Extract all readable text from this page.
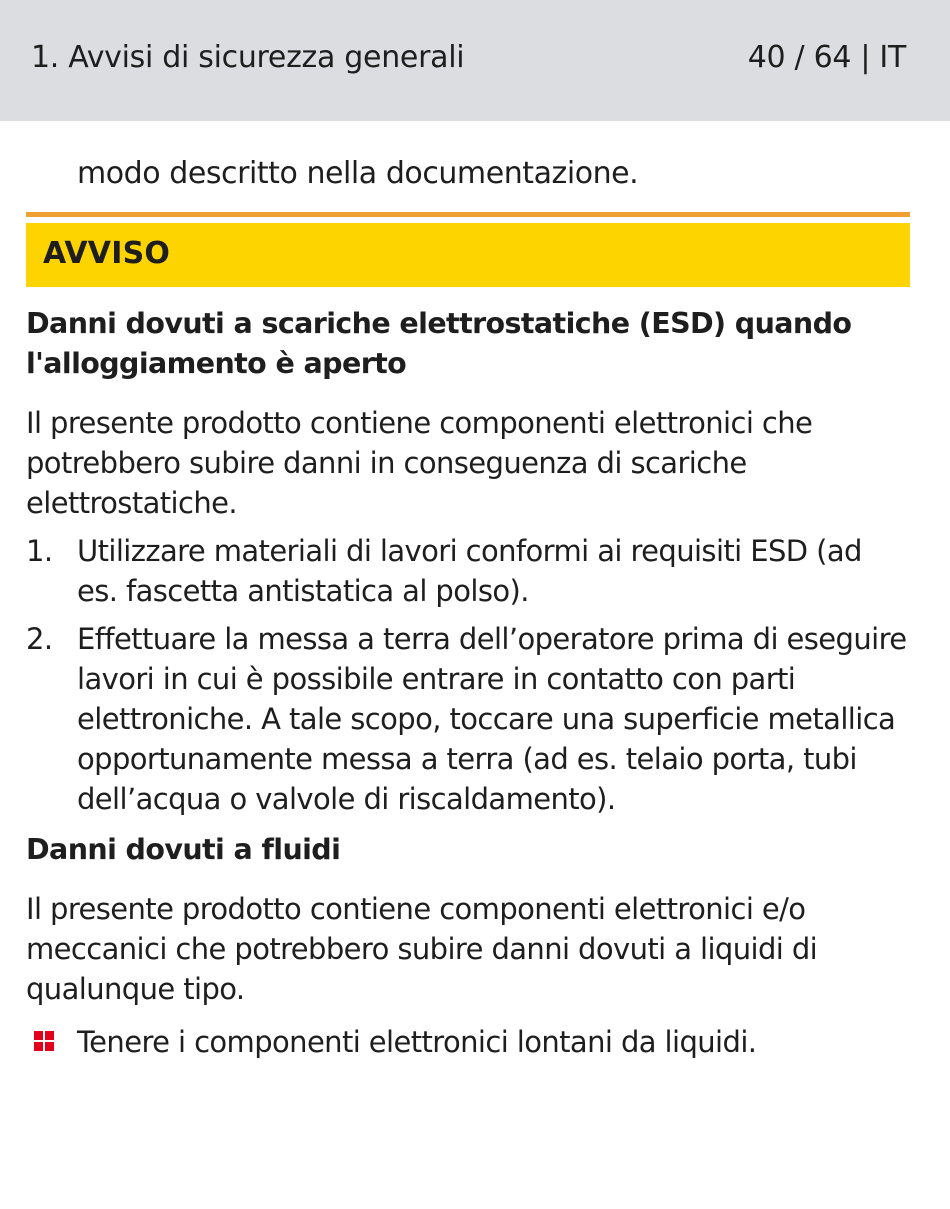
1. Avvisi di sicurezza generali	40 / 64 | IT
modo descritto nella documentazione.
AVVISO
Danni dovuti a scariche elettrostatiche (ESD) quando l'alloggiamento è aperto
Il presente prodotto contiene componenti elettronici che potrebbero subire danni in conseguenza di scariche elettrostatiche.
1. Utilizzare materiali di lavori conformi ai requisiti ESD (ad es. fascetta antistatica al polso).
2. Effettuare la messa a terra dell’operatore prima di eseguire lavori in cui è possibile entrare in contatto con parti elettroniche. A tale scopo, toccare una superficie metallica opportunamente messa a terra (ad es. telaio porta, tubi dell’acqua o valvole di riscaldamento).
Danni dovuti a fluidi
Il presente prodotto contiene componenti elettronici e/o meccanici che potrebbero subire danni dovuti a liquidi di qualunque tipo.
Tenere i componenti elettronici lontani da liquidi.
